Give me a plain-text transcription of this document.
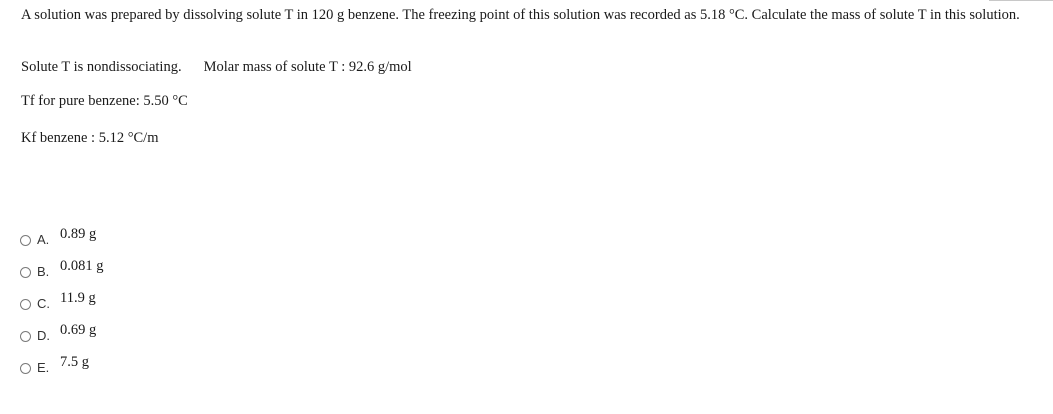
A solution was prepared by dissolving solute T in 120 g benzene. The freezing point of this solution was recorded as 5.18 °C. Calculate the mass of solute T in this solution.

Solute T is nondissociating. Molar mass of solute T : 92.6 g/mol
Tf for pure benzene: 5.50 °C
Kf benzene : 5.12 °C/m
A. 0.89 g
B. 0.081 g
C. 11.9 g
D. 0.69 g
E. 7.5 g
